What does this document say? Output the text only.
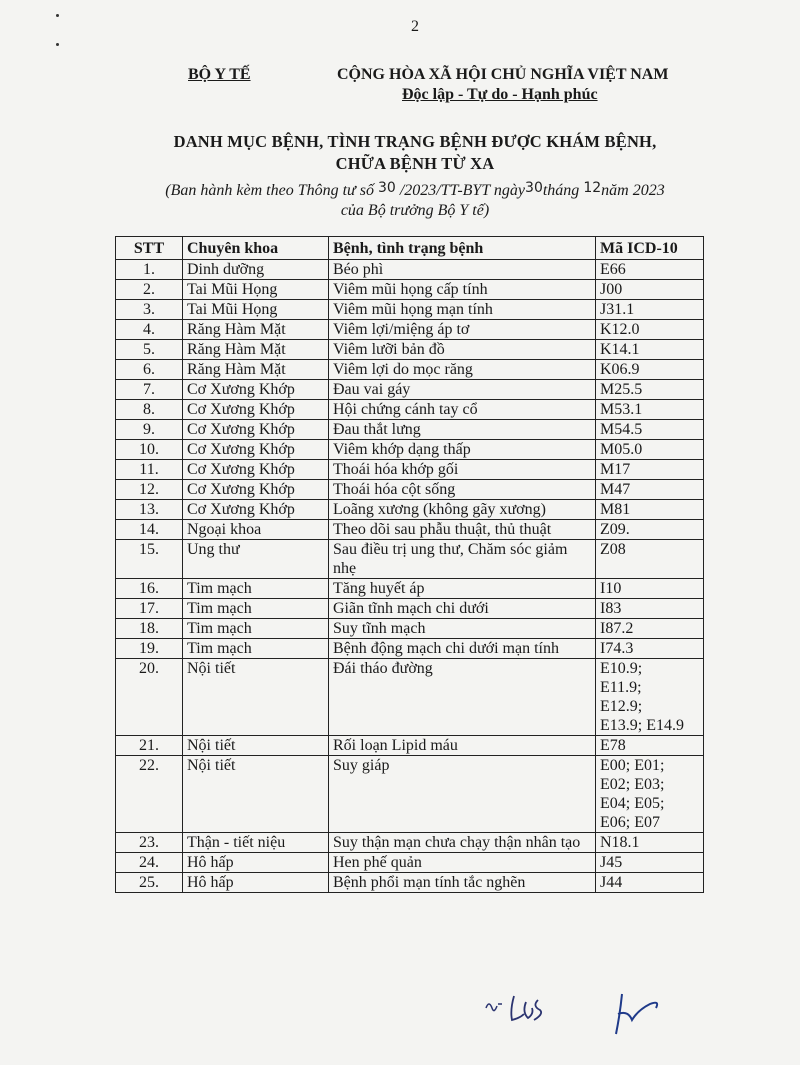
2
BỘ Y TẾ	CỘNG HÒA XÃ HỘI CHỦ NGHĨA VIỆT NAM
Độc lập - Tự do - Hạnh phúc
DANH MỤC BỆNH, TÌNH TRẠNG BỆNH ĐƯỢC KHÁM BỆNH,
CHỮA BỆNH TỪ XA
(Ban hành kèm theo Thông tư số 30 /2023/TT-BYT ngày30tháng 12năm 2023
của Bộ trưởng Bộ Y tế)
STT	Chuyên khoa	Bệnh, tình trạng bệnh	Mã ICD-10
1.	Dinh dưỡng	Béo phì	E66

2.	Tai Mũi Họng	Viêm mũi họng cấp tính	J00

3.	Tai Mũi Họng	Viêm mũi họng mạn tính	J31.1

4.	Răng Hàm Mặt	Viêm lợi/miệng áp tơ	K12.0

5.	Răng Hàm Mặt	Viêm lưỡi bản đồ	K14.1

6.	Răng Hàm Mặt	Viêm lợi do mọc răng	K06.9

7.	Cơ Xương Khớp	Đau vai gáy	M25.5

8.	Cơ Xương Khớp	Hội chứng cánh tay cổ	M53.1

9.	Cơ Xương Khớp	Đau thắt lưng	M54.5

10.	Cơ Xương Khớp	Viêm khớp dạng thấp	M05.0

11.	Cơ Xương Khớp	Thoái hóa khớp gối	M17

12.	Cơ Xương Khớp	Thoái hóa cột sống	M47

13.	Cơ Xương Khớp	Loãng xương (không gãy xương)	M81

14.	Ngoại khoa	Theo dõi sau phẫu thuật, thủ thuật	Z09.

15.	Ung thư	Sau điều trị ung thư, Chăm sóc giảm nhẹ	Z08

16.	Tim mạch	Tăng huyết áp	I10

17.	Tim mạch	Giãn tĩnh mạch chi dưới	I83

18.	Tim mạch	Suy tĩnh mạch	I87.2

19.	Tim mạch	Bệnh động mạch chi dưới mạn tính	I74.3

20.	Nội tiết	Đái tháo đường	E10.9;
E11.9;
E12.9;
E13.9; E14.9

21.	Nội tiết	Rối loạn Lipid máu	E78

22.	Nội tiết	Suy giáp	E00; E01;
E02; E03;
E04; E05;
E06; E07

23.	Thận - tiết niệu	Suy thận mạn chưa chạy thận nhân tạo	N18.1

24.	Hô hấp	Hen phế quản	J45

25.	Hô hấp	Bệnh phổi mạn tính tắc nghẽn	J44
